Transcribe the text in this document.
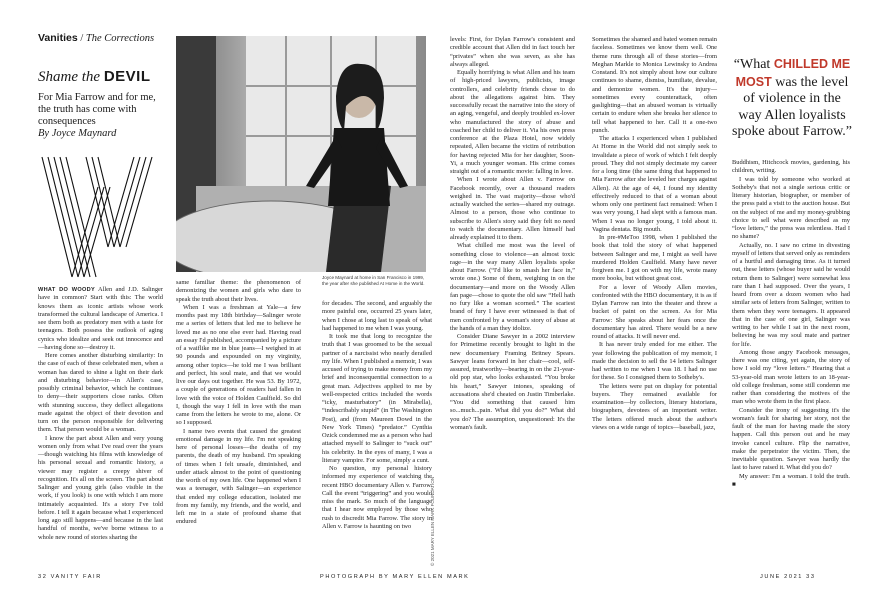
Vanities / The Corrections
Shame the DEVIL
For Mia Farrow and for me, the truth has come with consequences
By Joyce Maynard
Joyce Maynard at home in San Francisco in 1999, the year after she published At Home in the World.

WHAT DO WOODY Allen and J.D. Salinger have in common? Start with this: The world knows them as iconic artists whose work transformed the cultural landscape of America. I see them both as predatory men with a taste for teenagers. Both possess the outlook of aging cynics who idealize and seek out innocence and—having done so—destroy it.

Here comes another disturbing similarity: In the case of each of these celebrated men, when a woman has dared to shine a light on their dark and disturbing behavior—in Allen's case, possibly criminal behavior, which he continues to deny—their supporters close ranks. Often with stunning success, they deflect allegations made against the object of their devotion and turn on the person responsible for delivering them. That person would be a woman.

I know the part about Allen and very young women only from what I've read over the years—though watching his films with knowledge of his personal sexual and romantic history, a viewer may register a creepy shiver of recognition. It's all on the screen. The part about Salinger and young girls (also visible in the work, if you look) is one with which I am more intimately acquainted. It's a story I've told before. I tell it again because what I experienced long ago still happens—and because in the last handful of months, we've borne witness to a whole new round of stories sharing the

same familiar theme: the phenomenon of demonizing the women and girls who dare to speak the truth about their lives.

When I was a freshman at Yale—a few months past my 18th birthday—Salinger wrote me a series of letters that led me to believe he loved me as no one else ever had. Having read an essay I'd published, accompanied by a picture of a waiflike me in blue jeans—I weighed in at 90 pounds and expounded on my virginity, among other topics—he told me I was brilliant and perfect, his soul mate, and that we would live our days out together. He was 53. By 1972, a couple of generations of readers had fallen in love with the voice of Holden Caulfield. So did I, though the way I fell in love with the man came from the letters he wrote to me, alone. Or so I supposed.

I name two events that caused the greatest emotional damage in my life. I'm not speaking here of personal losses—the deaths of my parents, the death of my husband. I'm speaking of times when I felt unsafe, diminished, and under attack almost to the point of questioning the worth of my own life. One happened when I was a teenager, with Salinger—an experience that ended my college education, isolated me from my family, my friends, and the world, and left me in a state of profound shame that endured

for decades. The second, and arguably the more painful one, occurred 25 years later, when I chose at long last to speak of what had happened to me when I was young.

It took me that long to recognize the truth that I was groomed to be the sexual partner of a narcissist who nearly derailed my life. When I published a memoir, I was accused of trying to make money from my brief and inconsequential connection to a great man. Adjectives applied to me by well-respected critics included the words “icky, masturbatory” (in Mirabella), “indescribably stupid” (in The Washington Post), and (from Maureen Dowd in the New York Times) “predator.” Cynthia Ozick condemned me as a person who had attached myself to Salinger to “suck out” his celebrity. In the eyes of many, I was a literary vampire. For some, simply a cunt.

No question, my personal history informed my experience of watching the recent HBO documentary Allen v. Farrow. Call the event “triggering” and you would miss the mark. So much of the language that I hear now employed by those who rush to discredit Mia Farrow. The story in Allen v. Farrow is haunting on two	© 2021 MARY ELLEN MARK FOUNDATION

levels: First, for Dylan Farrow's consistent and credible account that Allen did in fact touch her “privates” when she was seven, as she has always alleged.

Equally horrifying is what Allen and his team of high-priced lawyers, publicists, image controllers, and celebrity friends chose to do about the allegations against him. They successfully recast the narrative into the story of an aging, vengeful, and deeply troubled ex-lover who manufactured the story of abuse and coached her child to deliver it. Via his own press conference at the Plaza Hotel, now widely repeated, Allen became the victim of retribution for having rejected Mia for her daughter, Soon-Yi, a much younger woman. His crime comes straight out of a romantic movie: falling in love.

When I wrote about Allen v. Farrow on Facebook recently, over a thousand readers weighed in. The vast majority—those who'd actually watched the series—shared my outrage. Almost to a person, those who continue to subscribe to Allen's story said they felt no need to watch the documentary. Allen himself had already explained it to them.

What chilled me most was the level of something close to violence—an almost toxic rage—in the way many Allen loyalists spoke about Farrow. (“I'd like to smash her face in,” wrote one.) Some of them, weighing in on the documentary—and more on the Woody Allen fan page—chose to quote the old saw “Hell hath no fury like a woman scorned.” The scariest brand of fury I have ever witnessed is that of men confronted by a woman's story of abuse at the hands of a man they idolize.

Consider Diane Sawyer in a 2002 interview for Primetime recently brought to light in the new documentary Framing Britney Spears. Sawyer leans forward in her chair—cool, self-assured, trustworthy—bearing in on the 21-year-old pop star, who looks exhausted. “You broke his heart,” Sawyer intones, speaking of accusations she'd cheated on Justin Timberlake. “You did something that caused him so...much...pain. What did you do?” What did you do? The assumption, unquestioned: It's the woman's fault.

Sometimes the shamed and hated women remain faceless. Sometimes we know them well. One theme runs through all of these stories—from Meghan Markle to Monica Lewinsky to Andrea Constand. It's not simply about how our culture continues to shame, dismiss, humiliate, devalue, and demonize women. It's the injury—sometimes every counterattack, often gaslighting—that an abused woman is virtually certain to endure when she breaks her silence to tell what happened to her. Call it a one-two punch.

The attacks I experienced when I published At Home in the World did not simply seek to invalidate a piece of work of which I felt deeply proud. They did not simply decimate my career for a long time (the same thing that happened to Mia Farrow after she leveled her charges against Allen). At the age of 44, I found my identity effectively reduced to that of a woman about whom only one pertinent fact remained: When I was very young, I had slept with a famous man. When I was no longer young, I told about it. Vagina dentata. Big mouth.

In pre-#MeToo 1998, when I published the book that told the story of what happened between Salinger and me, I might as well have murdered Holden Caulfield. Many have never forgiven me. I got on with my life, wrote many more books, but without great cost.

For a lover of Woody Allen movies, confronted with the HBO documentary, it is as if Dylan Farrow ran into the theater and threw a bucket of paint on the screen. As for Mia Farrow: She speaks about her fears once the documentary has aired. There would be a new round of attacks. It will never end.

It has never truly ended for me either. The year following the publication of my memoir, I made the decision to sell the 14 letters Salinger had written to me when I was 18. I had no use for these. So I consigned them to Sotheby's.

The letters were put on display for potential buyers. They remained available for examination—by collectors, literary historians, biographers, devotees of an important writer. The letters offered much about the author's views on a wide range of topics—baseball, jazz,

“What CHILLED ME MOST was the level of violence in the way Allen loyalists spoke about Farrow.”

Buddhism, Hitchcock movies, gardening, his children, writing.

I was told by someone who worked at Sotheby's that not a single serious critic or literary historian, biographer, or member of the press paid a visit to the auction house. But on the subject of me and my money-grubbing choice to sell what were described as my “love letters,” the press was relentless. Had I no shame?

Actually, no. I saw no crime in divesting myself of letters that served only as reminders of a hurtful and damaging time. As it turned out, these letters (whose buyer said he would return them to Salinger) were somewhat less rare than I had supposed. Over the years, I heard from over a dozen women who had similar sets of letters from Salinger, written to them when they were teenagers. It appeared that in the case of one girl, Salinger was writing to her while I sat in the next room, believing he was my soul mate and partner for life.

Among those angry Facebook messages, there was one citing, yet again, the story of how I sold my “love letters.” Hearing that a 53-year-old man wrote letters to an 18-year-old college freshman, some still condemn me rather than considering the motives of the man who wrote them in the first place.

Consider the irony of suggesting it's the woman's fault for sharing her story, not the fault of the man for having made the story happen. Call this person out and he may invoke cancel culture. Flip the narrative, make the perpetrator the victim. Then, the inevitable question. Sawyer was hardly the last to have raised it. What did you do?

My answer: I'm a woman. I told the truth. ■

32 VANITY FAIR	PHOTOGRAPH BY MARY ELLEN MARK	JUNE 2021 33
